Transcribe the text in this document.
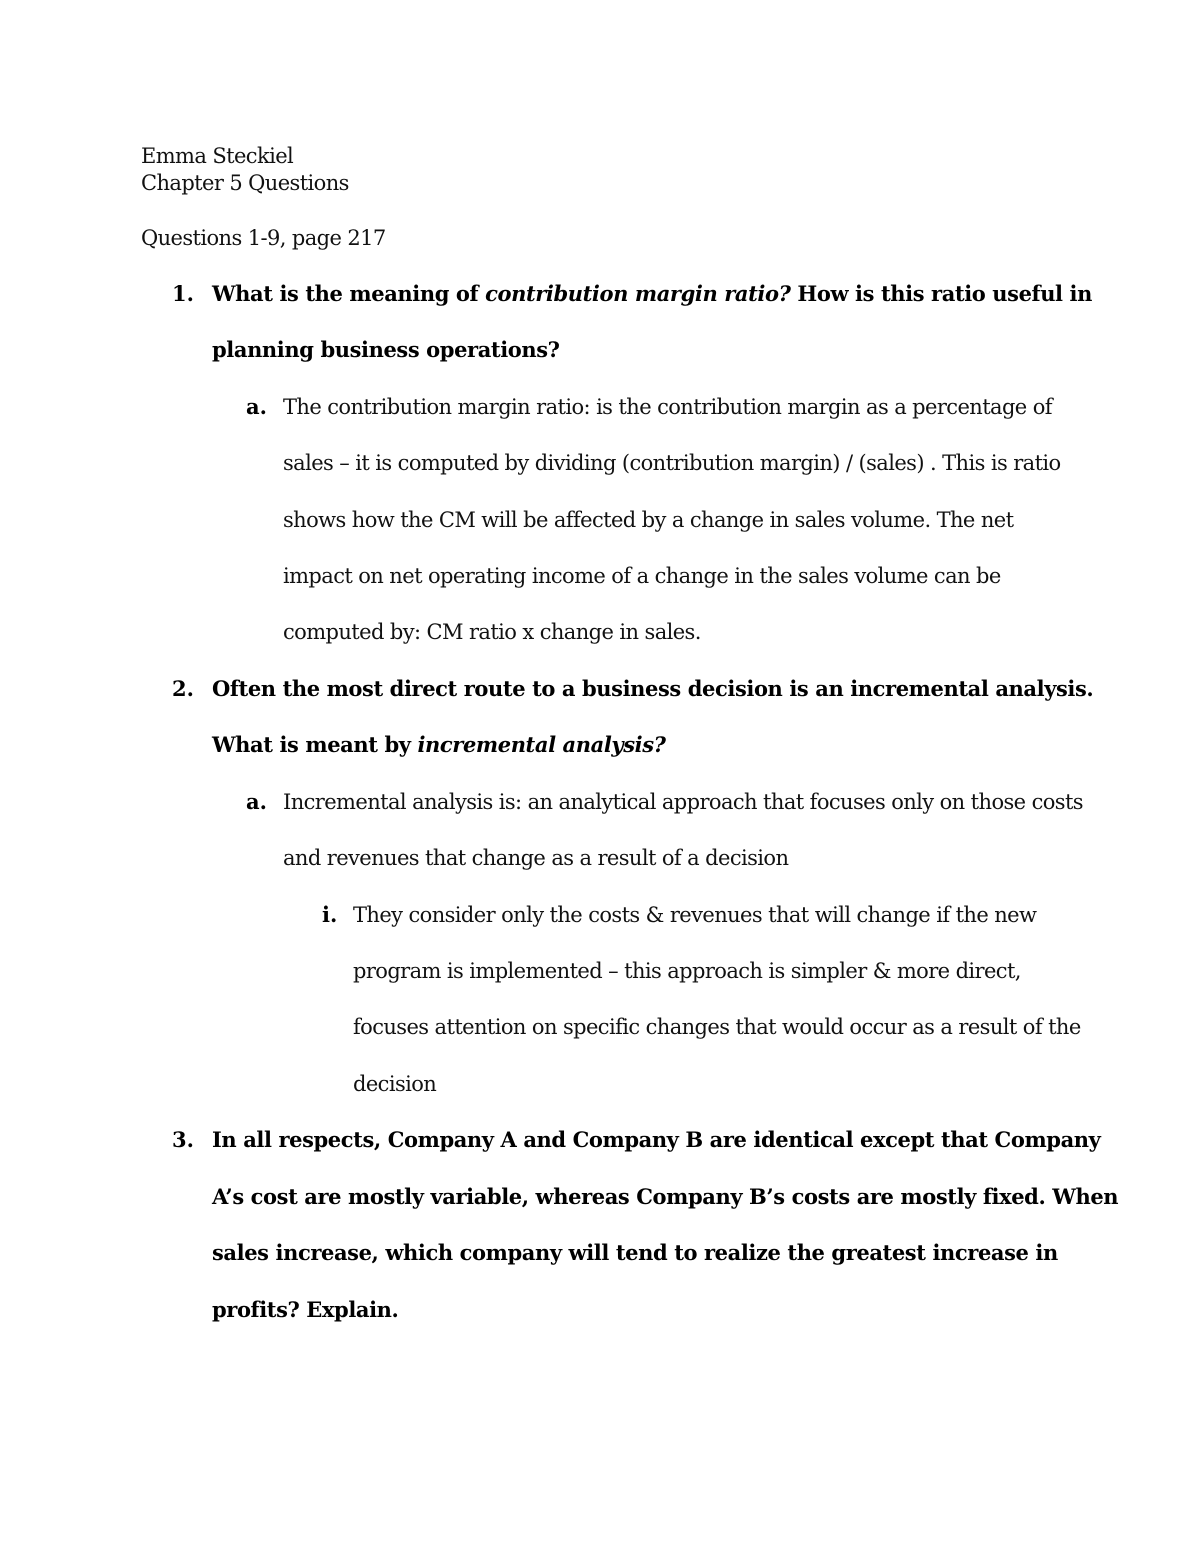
Emma Steckiel
Chapter 5 Questions
Questions 1-9, page 217
1. What is the meaning of contribution margin ratio? How is this ratio useful in
planning business operations?
a. The contribution margin ratio: is the contribution margin as a percentage of
sales – it is computed by dividing (contribution margin) / (sales) . This is ratio
shows how the CM will be affected by a change in sales volume. The net
impact on net operating income of a change in the sales volume can be
computed by: CM ratio x change in sales.
2. Often the most direct route to a business decision is an incremental analysis.
What is meant by incremental analysis?
a. Incremental analysis is: an analytical approach that focuses only on those costs
and revenues that change as a result of a decision
i. They consider only the costs & revenues that will change if the new
program is implemented – this approach is simpler & more direct,
focuses attention on specific changes that would occur as a result of the
decision
3. In all respects, Company A and Company B are identical except that Company
A’s cost are mostly variable, whereas Company B’s costs are mostly fixed. When
sales increase, which company will tend to realize the greatest increase in
profits? Explain.
